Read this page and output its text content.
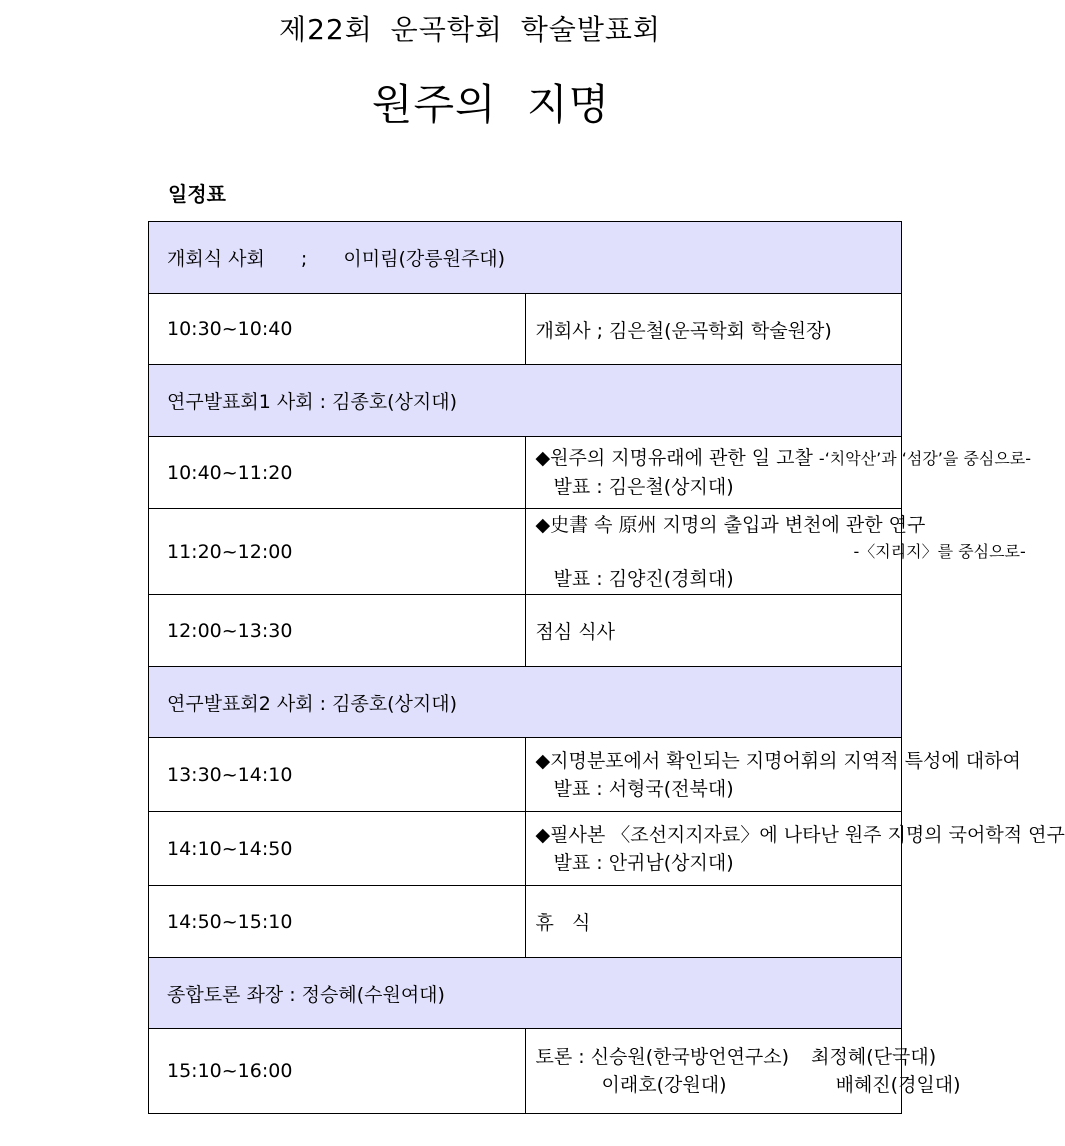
제22회 운곡학회 학술발표회
원주의 지명
일정표
개회식 사회 ; 이미림(강릉원주대)	
10:30~10:40	개회사 ; 김은철(운곡학회 학술원장)
연구발표회1 사회 : 김종호(상지대)	
10:40~11:20	◆원주의 지명유래에 관한 일 고찰 -‘치악산’과 ‘섬강’을 중심으로-
발표 : 김은철(상지대)

11:20~12:00	◆史書 속 原州 지명의 출입과 변천에 관한 연구
-〈지리지〉를 중심으로-
발표 : 김양진(경희대)

12:00~13:30	점심 식사
연구발표회2 사회 : 김종호(상지대)	
13:30~14:10	◆지명분포에서 확인되는 지명어휘의 지역적 특성에 대하여
발표 : 서형국(전북대)

14:10~14:50	◆필사본 〈조선지지자료〉에 나타난 원주 지명의 국어학적 연구
발표 : 안귀남(상지대)

14:50~15:10	휴   식
종합토론 좌장 : 정승혜(수원여대)	
15:10~16:00	토론 : 신승원(한국방언연구소) 최정혜(단국대)
이래호(강원대) 배혜진(경일대)
